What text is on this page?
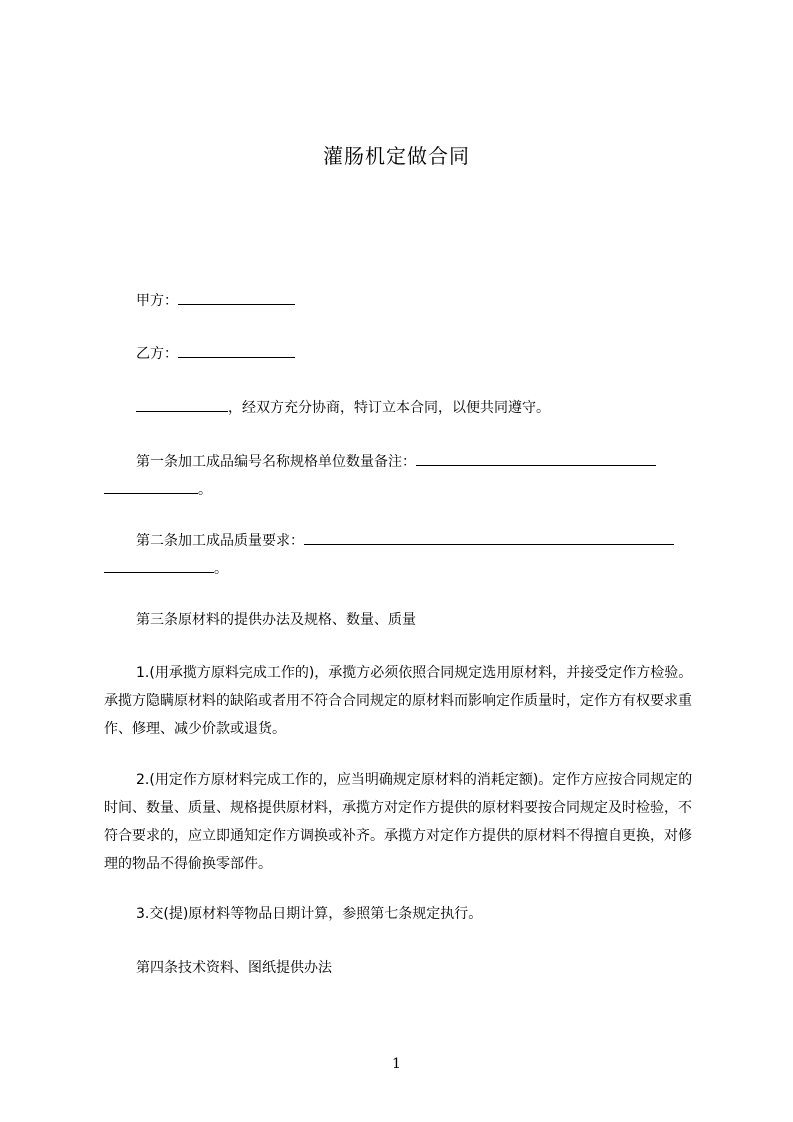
灌肠机定做合同

甲方：

乙方：

，经双方充分协商，特订立本合同，以便共同遵守。

第一条加工成品编号名称规格单位数量备注：。

第二条加工成品质量要求：。

第三条原材料的提供办法及规格、数量、质量

1.(用承揽方原料完成工作的)，承揽方必须依照合同规定选用原材料，并接受定作方检验。承揽方隐瞒原材料的缺陷或者用不符合合同规定的原材料而影响定作质量时，定作方有权要求重作、修理、减少价款或退货。

2.(用定作方原材料完成工作的，应当明确规定原材料的消耗定额)。定作方应按合同规定的时间、数量、质量、规格提供原材料，承揽方对定作方提供的原材料要按合同规定及时检验，不符合要求的，应立即通知定作方调换或补齐。承揽方对定作方提供的原材料不得擅自更换，对修理的物品不得偷换零部件。

3.交(提)原材料等物品日期计算，参照第七条规定执行。

第四条技术资料、图纸提供办法

1
